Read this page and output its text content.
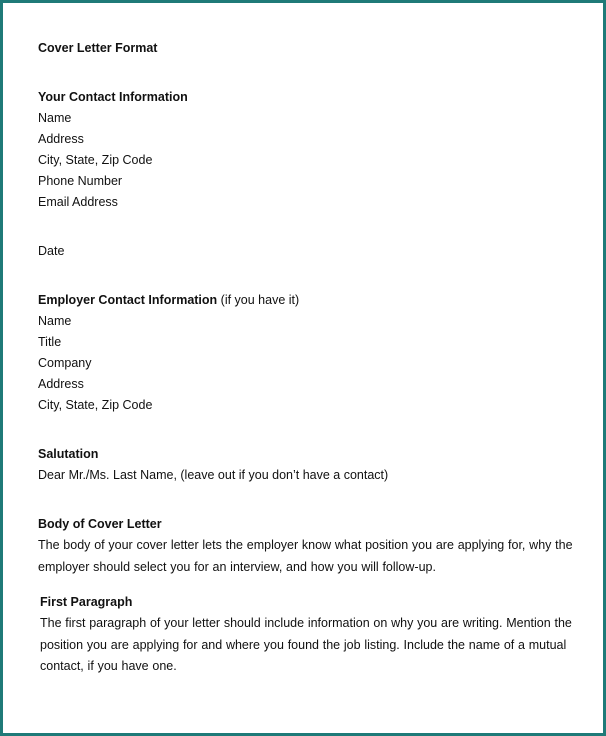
Cover Letter Format
Your Contact Information
Name
Address
City, State, Zip Code
Phone Number
Email Address
Date
Employer Contact Information (if you have it)
Name
Title
Company
Address
City, State, Zip Code
Salutation
Dear Mr./Ms. Last Name, (leave out if you don’t have a contact)
Body of Cover Letter
The body of your cover letter lets the employer know what position you are applying for, why the employer should select you for an interview, and how you will follow-up.
First Paragraph
The first paragraph of your letter should include information on why you are writing. Mention the position you are applying for and where you found the job listing. Include the name of a mutual contact, if you have one.
